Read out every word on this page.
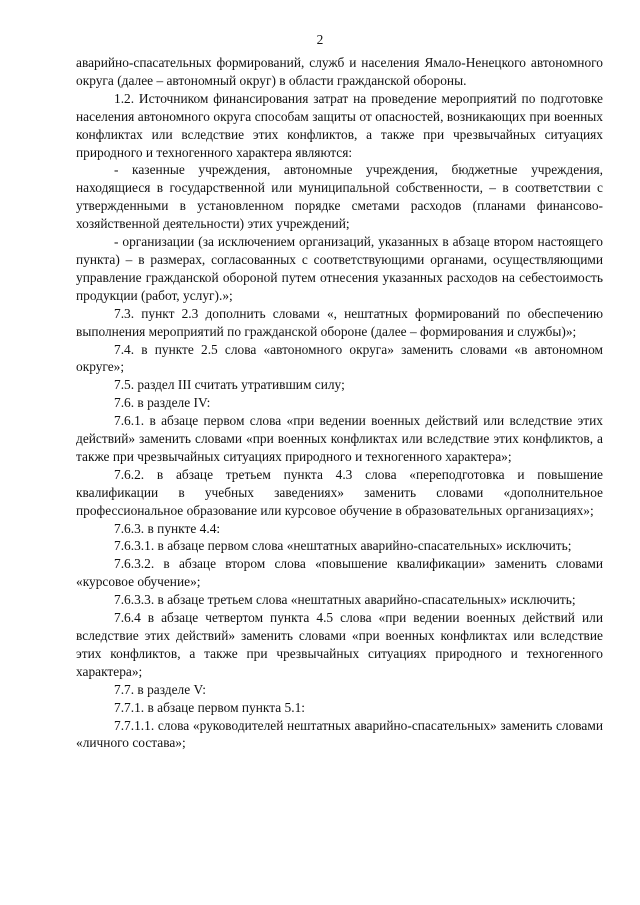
2

аварийно-спасательных формирований, служб и населения Ямало-Ненецкого автономного округа (далее – автономный округ) в области гражданской обороны.

1.2. Источником финансирования затрат на проведение мероприятий по подготовке населения автономного округа способам защиты от опасностей, возникающих при военных конфликтах или вследствие этих конфликтов, а также при чрезвычайных ситуациях природного и техногенного характера являются:

- казенные учреждения, автономные учреждения, бюджетные учреждения, находящиеся в государственной или муниципальной собственности, – в соответствии с утвержденными в установленном порядке сметами расходов (планами финансово-хозяйственной деятельности) этих учреждений;

- организации (за исключением организаций, указанных в абзаце втором настоящего пункта) – в размерах, согласованных с соответствующими органами, осуществляющими управление гражданской обороной путем отнесения указанных расходов на себестоимость продукции (работ, услуг).»;

7.3. пункт 2.3 дополнить словами «, нештатных формирований по обеспечению выполнения мероприятий по гражданской обороне (далее – формирования и службы)»;

7.4. в пункте 2.5 слова «автономного округа» заменить словами «в автономном округе»;

7.5. раздел III считать утратившим силу;

7.6. в разделе IV:

7.6.1. в абзаце первом слова «при ведении военных действий или вследствие этих действий» заменить словами «при военных конфликтах или вследствие этих конфликтов, а также при чрезвычайных ситуациях природного и техногенного характера»;

7.6.2. в абзаце третьем пункта 4.3 слова «переподготовка и повышение квалификации в учебных заведениях» заменить словами «дополнительное профессиональное образование или курсовое обучение в образовательных организациях»;

7.6.3. в пункте 4.4:

7.6.3.1. в абзаце первом слова «нештатных аварийно-спасательных» исключить;

7.6.3.2. в абзаце втором слова «повышение квалификации» заменить словами «курсовое обучение»;

7.6.3.3. в абзаце третьем слова «нештатных аварийно-спасательных» исключить;

7.6.4 в абзаце четвертом пункта 4.5 слова «при ведении военных действий или вследствие этих действий» заменить словами «при военных конфликтах или вследствие этих конфликтов, а также при чрезвычайных ситуациях природного и техногенного характера»;

7.7. в разделе V:

7.7.1. в абзаце первом пункта 5.1:

7.7.1.1. слова «руководителей нештатных аварийно-спасательных» заменить словами «личного состава»;
